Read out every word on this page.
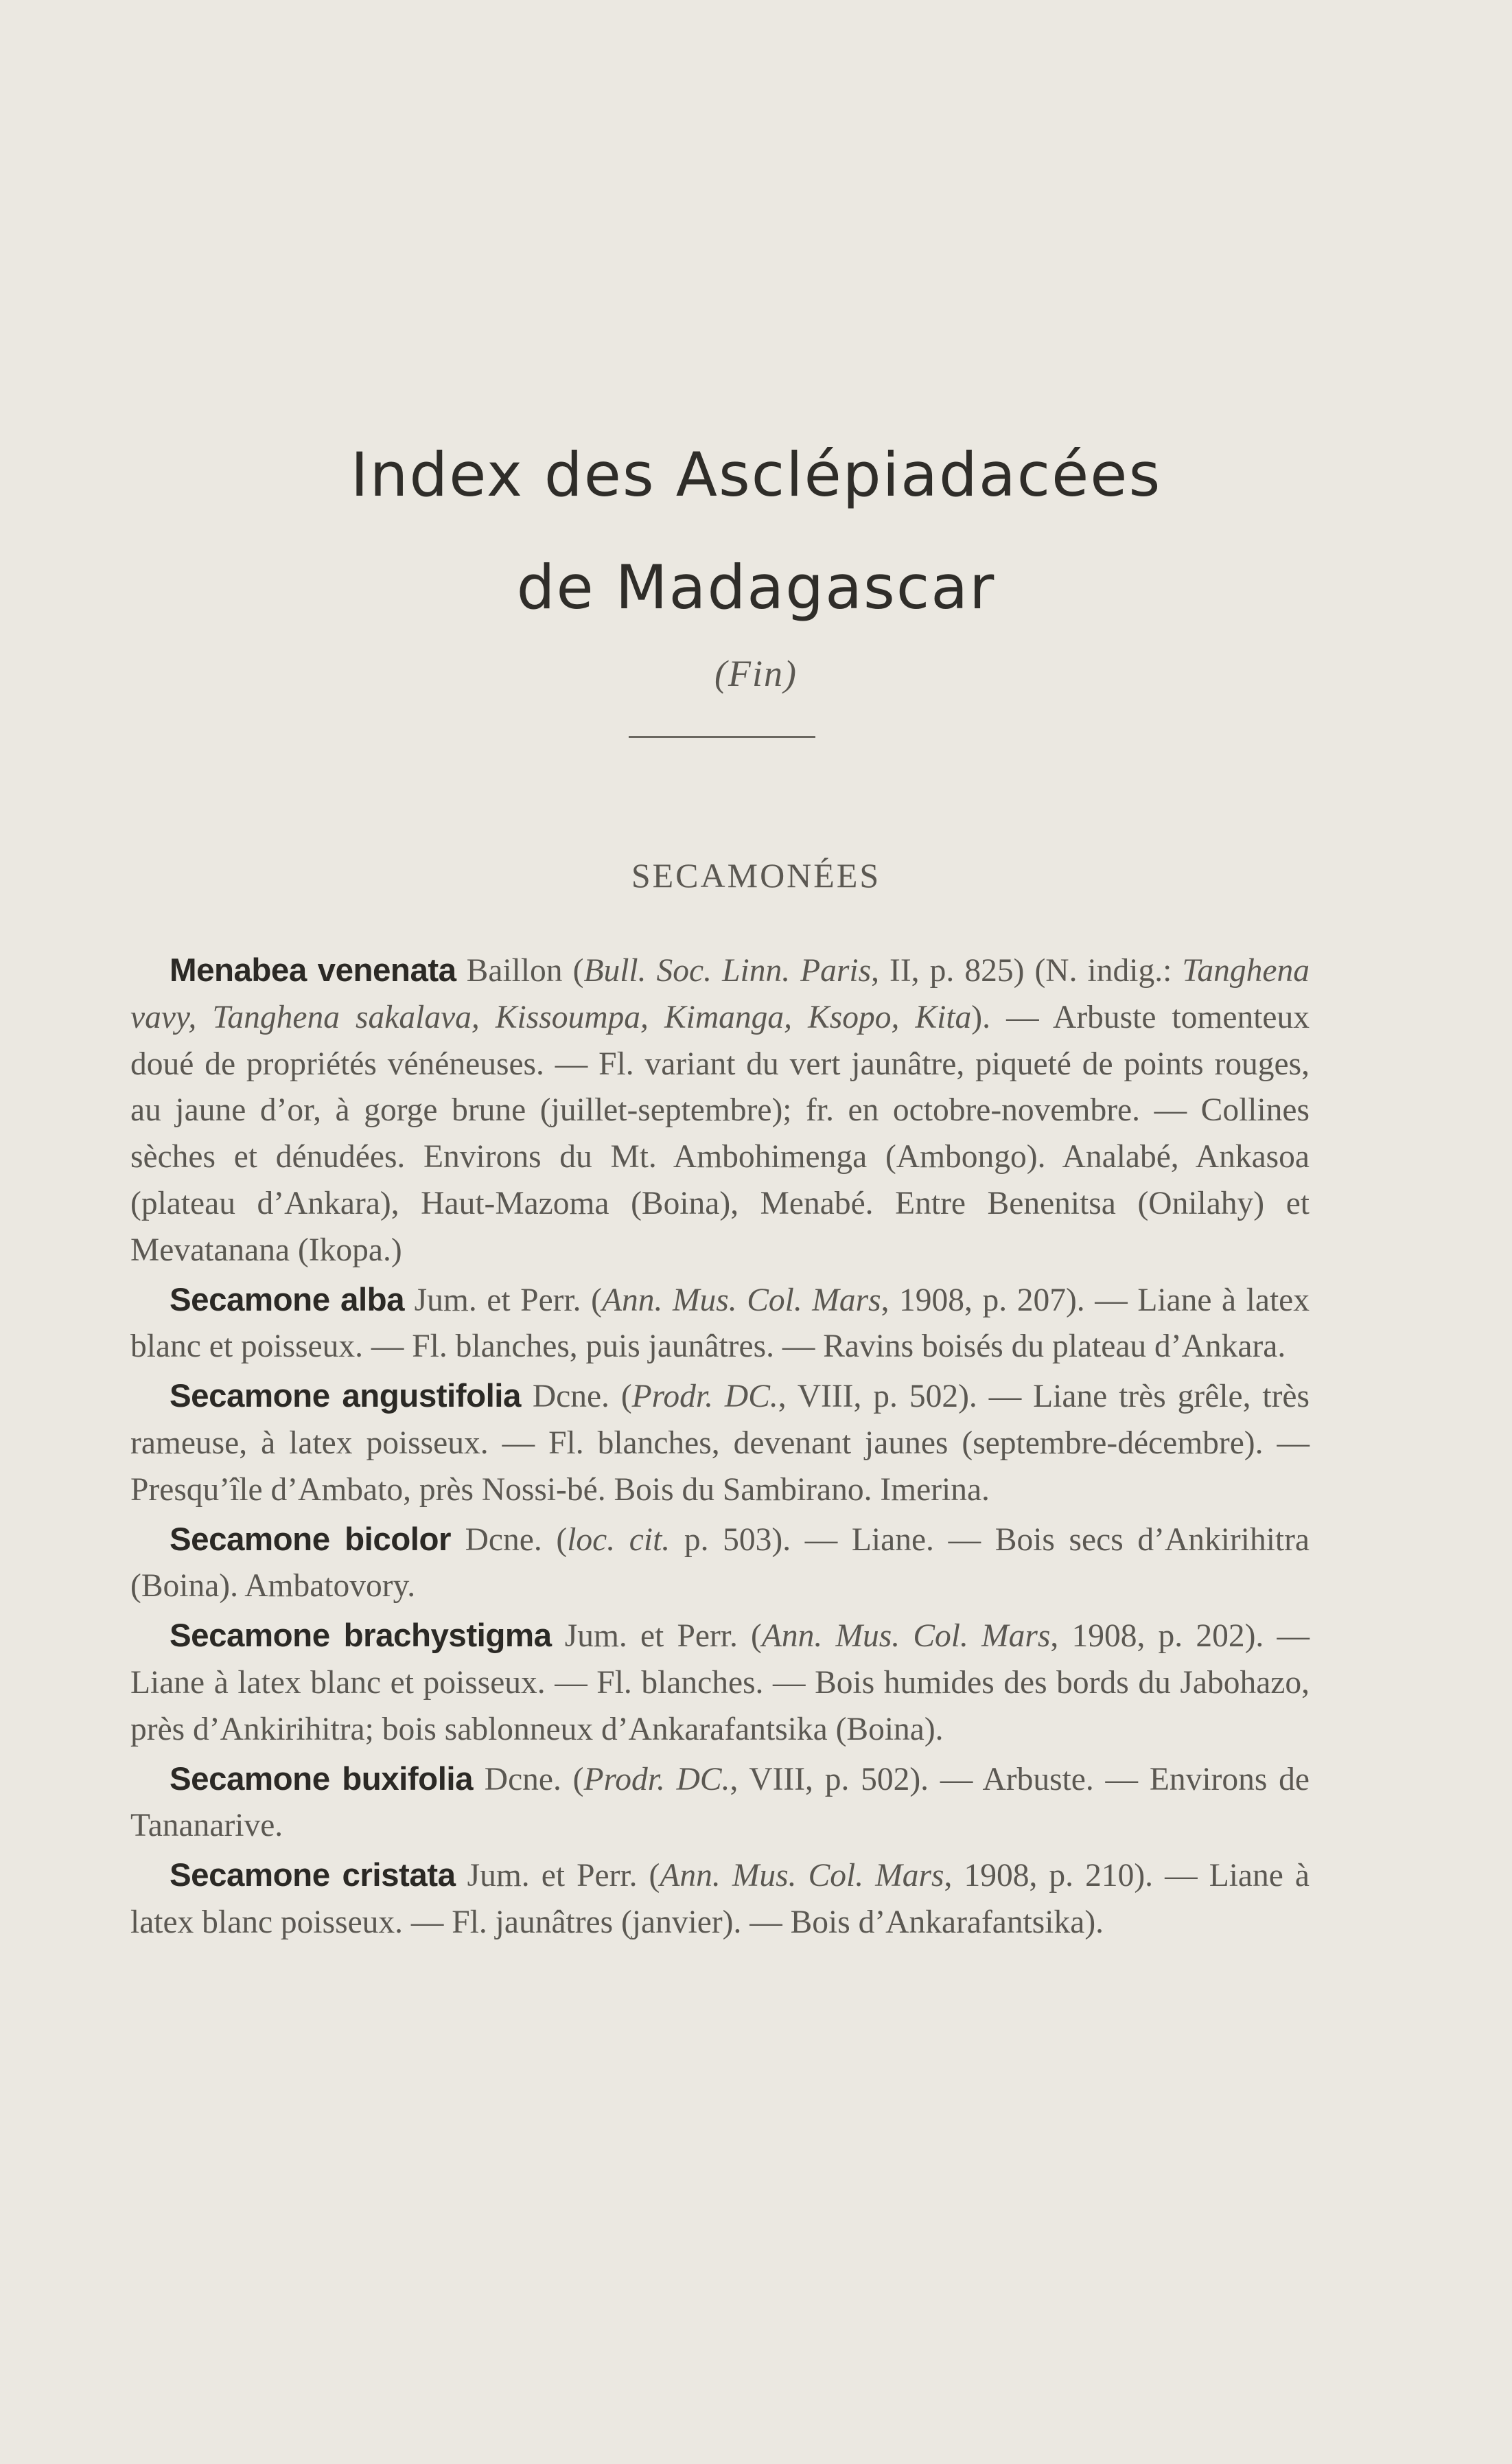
Index des Asclépiadacées
de Madagascar
(Fin)
SECAMONÉES

Menabea venenata Baillon (Bull. Soc. Linn. Paris, II, p. 825) (N. indig.: Tanghena vavy, Tanghena sakalava, Kissoumpa, Kimanga, Ksopo, Kita). — Arbuste tomenteux doué de propriétés vénéneuses. — Fl. variant du vert jaunâtre, piqueté de points rouges, au jaune d’or, à gorge brune (juillet-septembre); fr. en octobre-novembre. — Collines sèches et dénudées. Environs du Mt. Ambohimenga (Ambongo). Analabé, Ankasoa (plateau d’Ankara), Haut-Mazoma (Boina), Menabé. Entre Benenitsa (Onilahy) et Mevatanana (Ikopa.)

Secamone alba Jum. et Perr. (Ann. Mus. Col. Mars, 1908, p. 207). — Liane à latex blanc et poisseux. — Fl. blanches, puis jaunâtres. — Ravins boisés du plateau d’Ankara.

Secamone angustifolia Dcne. (Prodr. DC., VIII, p. 502). — Liane très grêle, très rameuse, à latex poisseux. — Fl. blanches, devenant jaunes (septembre-décembre). — Presqu’île d’Ambato, près Nossi-bé. Bois du Sambirano. Imerina.

Secamone bicolor Dcne. (loc. cit. p. 503). — Liane. — Bois secs d’Ankirihitra (Boina). Ambatovory.

Secamone brachystigma Jum. et Perr. (Ann. Mus. Col. Mars, 1908, p. 202). — Liane à latex blanc et poisseux. — Fl. blanches. — Bois humides des bords du Jabohazo, près d’Ankirihitra; bois sablonneux d’Ankarafantsika (Boina).

Secamone buxifolia Dcne. (Prodr. DC., VIII, p. 502). — Arbuste. — Environs de Tananarive.

Secamone cristata Jum. et Perr. (Ann. Mus. Col. Mars, 1908, p. 210). — Liane à latex blanc poisseux. — Fl. jaunâtres (janvier). — Bois d’Ankarafantsika).
